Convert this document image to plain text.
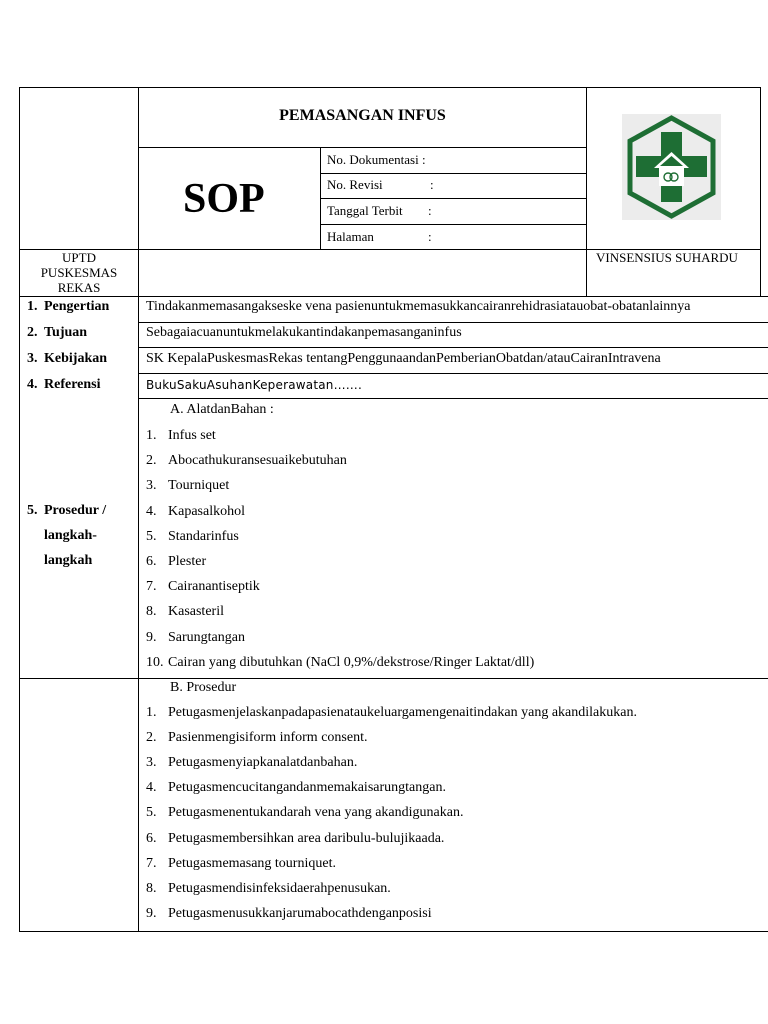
PEMASANGAN INFUS
SOP
No. Dokumentasi :
No. Revisi	:
Tanggal Terbit :
Halaman	:
UPTD
PUSKESMAS
REKAS
VINSENSIUS SUHARDU
1. Pengertian	Tindakanmemasangakseske vena pasienuntukmemasukkancairanrehidrasiatauobat-obatanlainnya
2. Tujuan	Sebagaiacuanuntukmelakukantindakanpemasanganinfus
3. Kebijakan	SK KepalaPuskesmasRekas tentangPenggunaandanPemberianObatdan/atauCairanIntravena
4. Referensi	BukuSakuAsuhanKeperawatan…….
5. Prosedur /
langkah-
langkah
A. AlatdanBahan :
1. Infus set
2. Abocathukuransesuaikebutuhan
3. Tourniquet
4. Kapasalkohol
5. Standarinfus
6. Plester
7. Cairanantiseptik
8. Kasasteril
9. Sarungtangan
10. Cairan yang dibutuhkan (NaCl 0,9%/dekstrose/Ringer Laktat/dll)
B. Prosedur
1. Petugasmenjelaskanpadapasienataukeluargamengenaitindakan yang akandilakukan.
2. Pasienmengisiform inform consent.
3. Petugasmenyiapkanalatdanbahan.
4. Petugasmencucitangandanmemakaisarungtangan.
5. Petugasmenentukandarah vena yang akandigunakan.
6. Petugasmembersihkan area daribulu-bulujikaada.
7. Petugasmemasang tourniquet.
8. Petugasmendisinfeksidaerahpenusukan.
9. Petugasmenusukkanjarumabocathdenganposisi
